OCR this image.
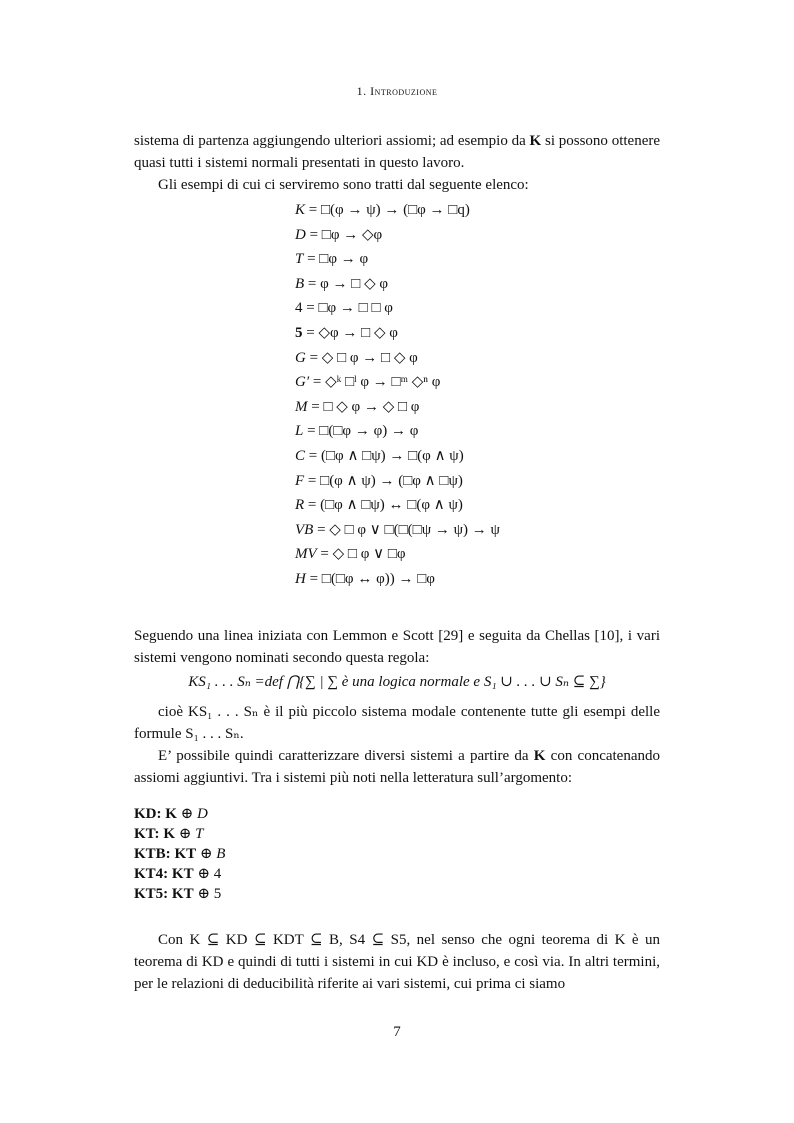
1. Introduzione

sistema di partenza aggiungendo ulteriori assiomi; ad esempio da K si possono ottenere quasi tutti i sistemi normali presentati in questo lavoro.

Gli esempi di cui ci serviremo sono tratti dal seguente elenco:

K = □(φ → ψ) → (□φ → □q)
D = □φ → ◇φ
T = □φ → φ
B = φ → □ ◇ φ
4 = □φ → □ □ φ
5 = ◇φ → □ ◇ φ
G = ◇ □ φ → □ ◇ φ
G′ = ◇ᵏ □ˡ φ → □ᵐ ◇ⁿ φ
M = □ ◇ φ → ◇ □ φ
L = □(□φ → φ) → φ
C = (□φ ∧ □ψ) → □(φ ∧ ψ)
F = □(φ ∧ ψ) → (□φ ∧ □ψ)
R = (□φ ∧ □ψ) ↔ □(φ ∧ ψ)
VB = ◇ □ φ ∨ □(□(□ψ → ψ) → ψ
MV = ◇ □ φ ∨ □φ
H = □(□φ ↔ φ)) → □φ

Seguendo una linea iniziata con Lemmon e Scott [29] e seguita da Chellas [10], i vari sistemi vengono nominati secondo questa regola:

KS₁ . . . Sₙ =def ⋂{∑ | ∑ è una logica normale e S₁ ∪ . . . ∪ Sₙ ⊆ ∑}

cioè KS₁ . . . Sₙ è il più piccolo sistema modale contenente tutte gli esempi delle formule S₁ . . . Sₙ.

E’ possibile quindi caratterizzare diversi sistemi a partire da K con concatenando assiomi aggiuntivi. Tra i sistemi più noti nella letteratura sull’argomento:

KD: K ⊕ D
KT: K ⊕ T
KTB: KT ⊕ B
KT4: KT ⊕ 4
KT5: KT ⊕ 5

Con K ⊆ KD ⊆ KDT ⊆ B, S4 ⊆ S5, nel senso che ogni teorema di K è un teorema di KD e quindi di tutti i sistemi in cui KD è incluso, e così via. In altri termini, per le relazioni di deducibilità riferite ai vari sistemi, cui prima ci siamo

7
